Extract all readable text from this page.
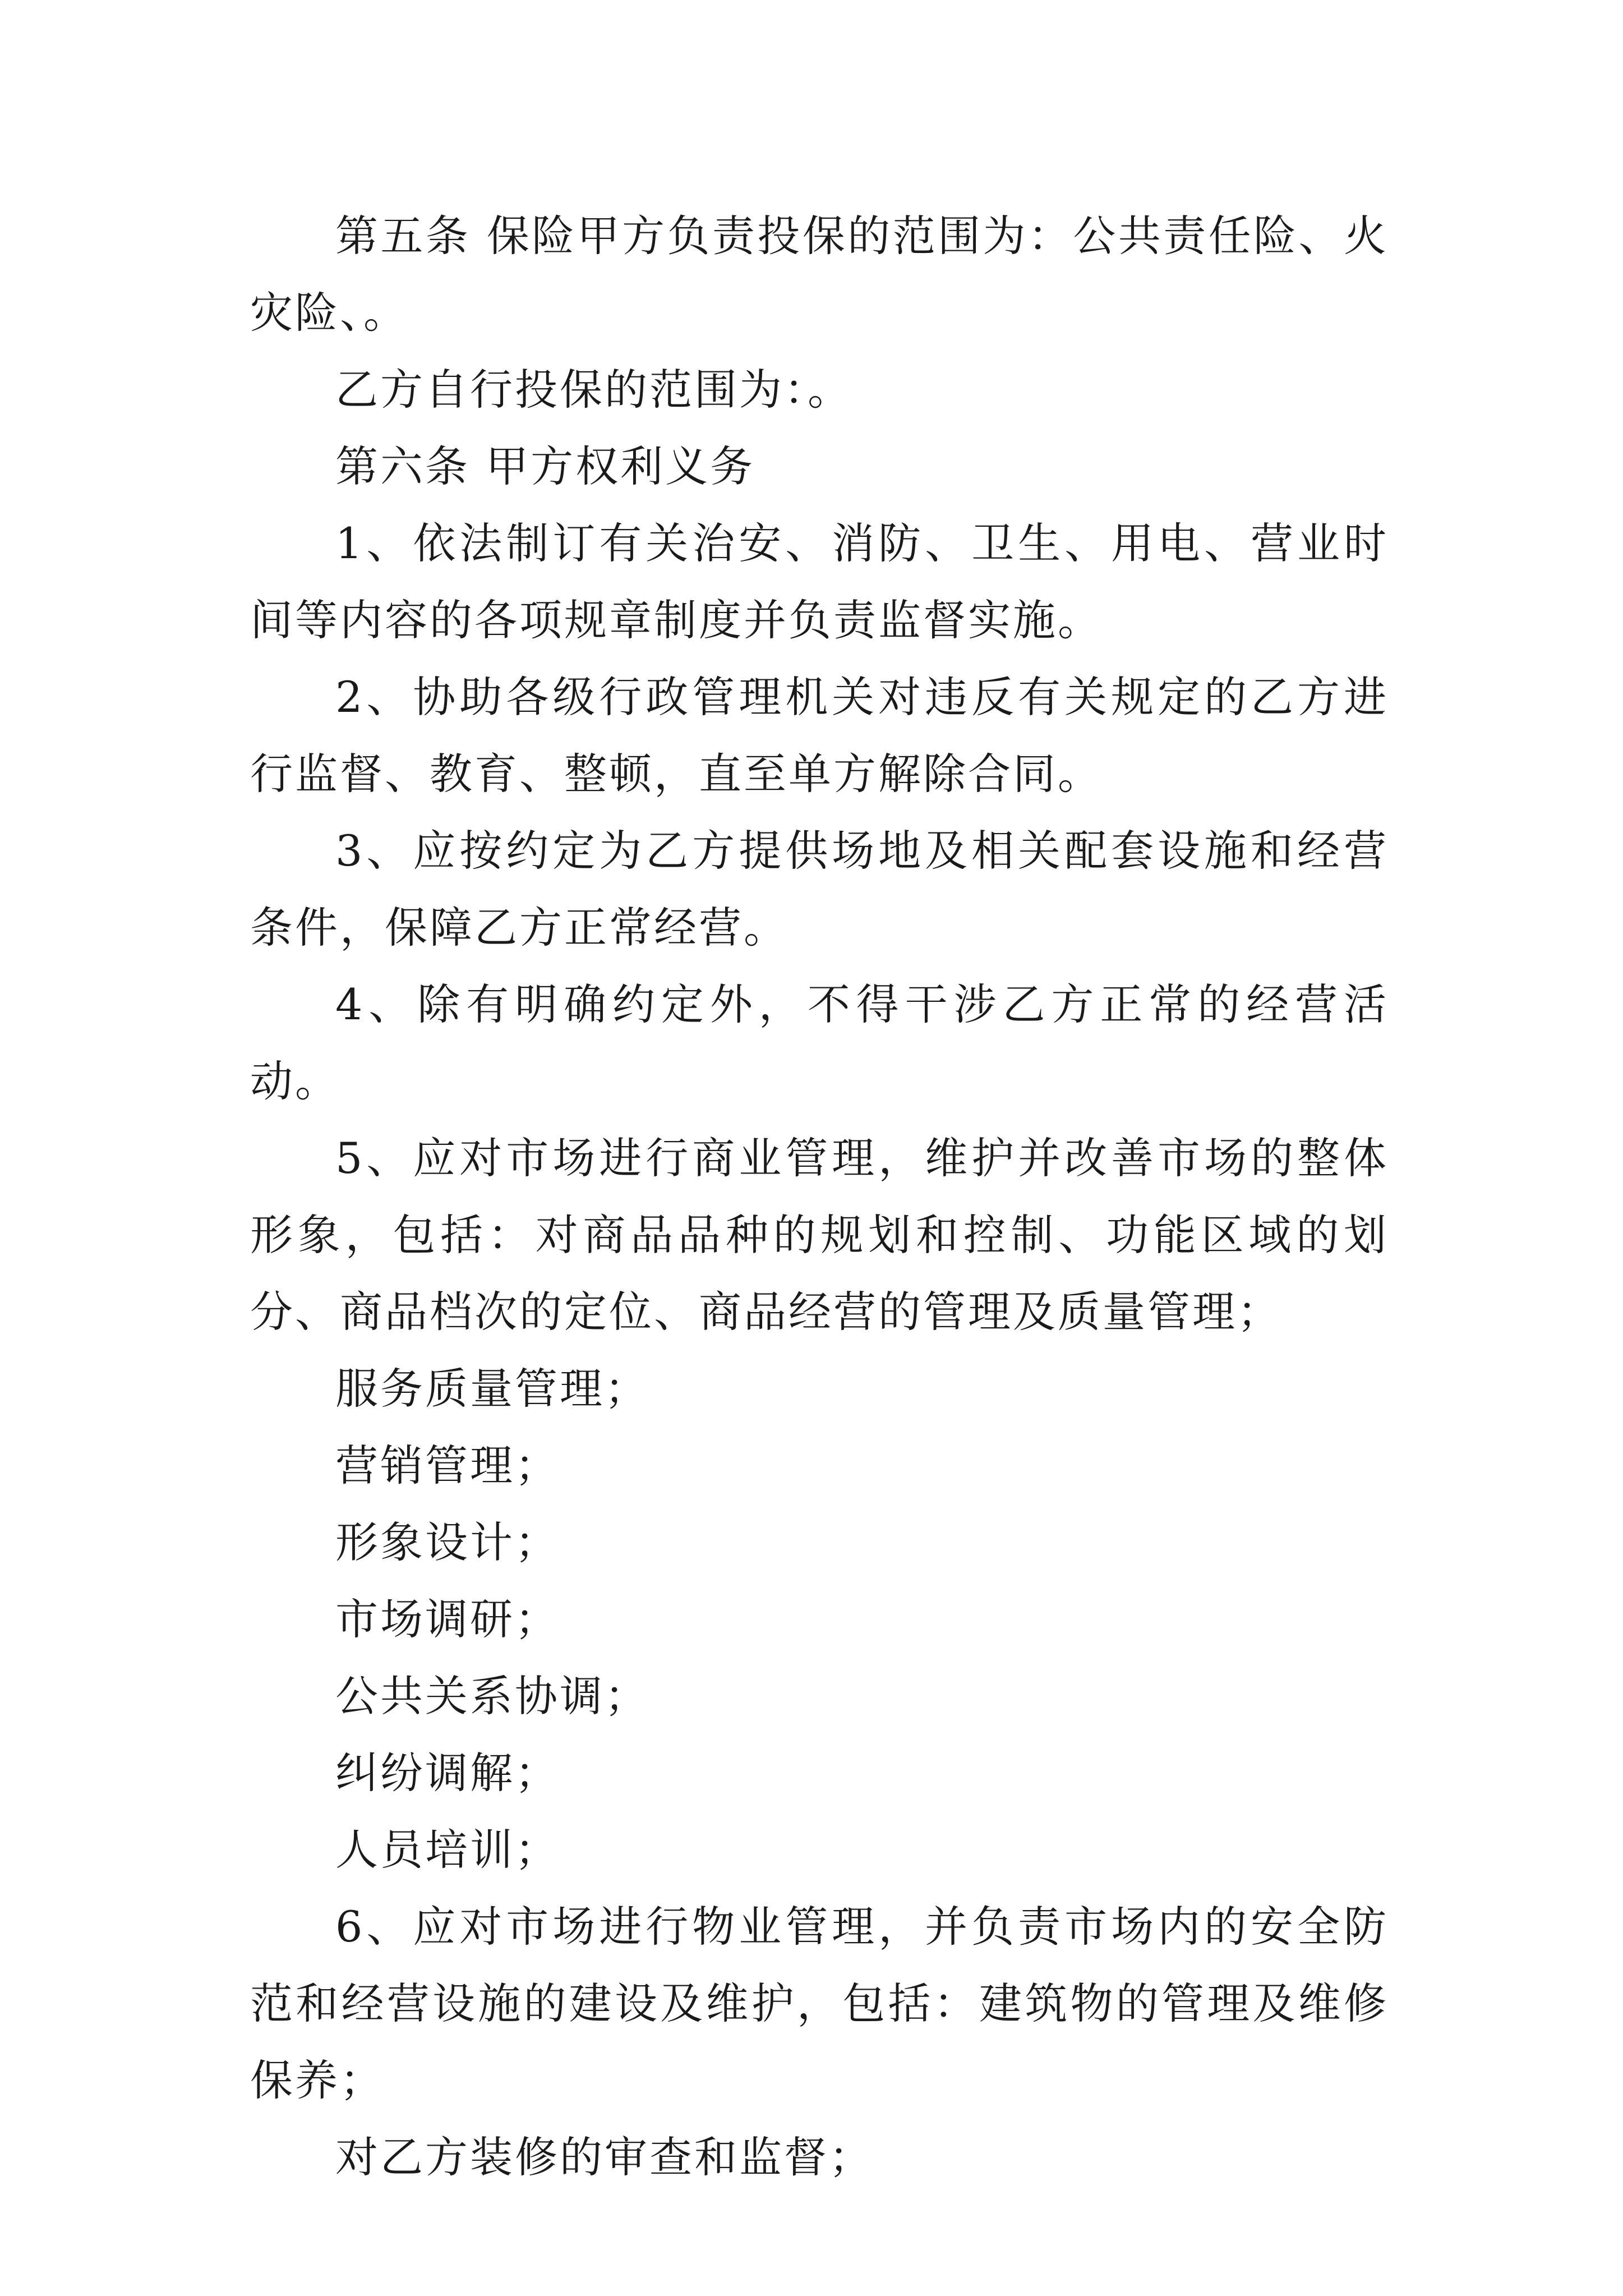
第五条 保险甲方负责投保的范围为：公共责任险、火灾险、。

乙方自行投保的范围为：。

第六条 甲方权利义务

1、依法制订有关治安、消防、卫生、用电、营业时间等内容的各项规章制度并负责监督实施。

2、协助各级行政管理机关对违反有关规定的乙方进行监督、教育、整顿，直至单方解除合同。

3、应按约定为乙方提供场地及相关配套设施和经营条件，保障乙方正常经营。

4、除有明确约定外，不得干涉乙方正常的经营活动。

5、应对市场进行商业管理，维护并改善市场的整体形象，包括：对商品品种的规划和控制、功能区域的划分、商品档次的定位、商品经营的管理及质量管理；

服务质量管理；

营销管理；

形象设计；

市场调研；

公共关系协调；

纠纷调解；

人员培训；

6、应对市场进行物业管理，并负责市场内的安全防范和经营设施的建设及维护，包括：建筑物的管理及维修保养；

对乙方装修的审查和监督；
